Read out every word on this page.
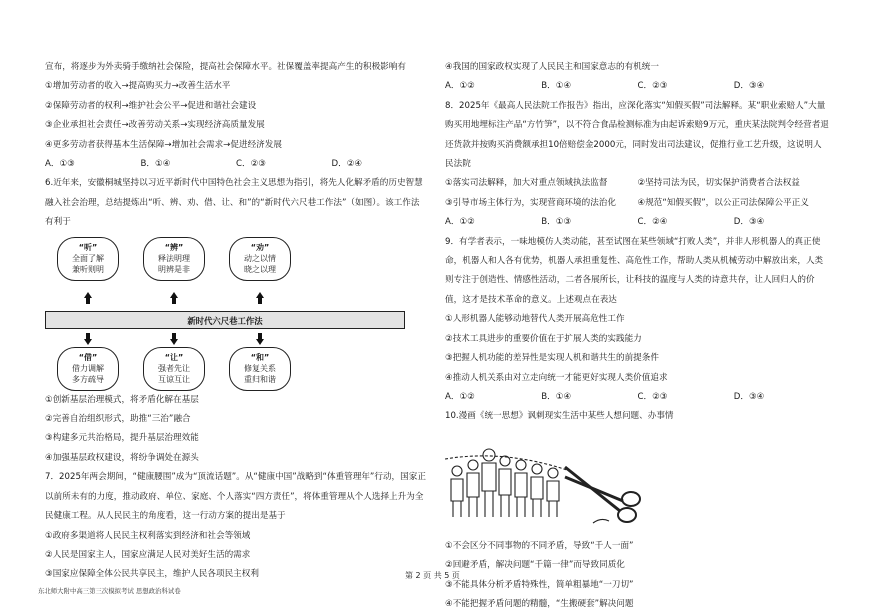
宣布，将逐步为外卖骑手缴纳社会保险，提高社会保障水平。社保覆盖率提高产生的积极影响有
①增加劳动者的收入→提高购买力→改善生活水平
②保障劳动者的权利→维护社会公平→促进和谐社会建设
③企业承担社会责任→改善劳动关系→实现经济高质量发展
④更多劳动者获得基本生活保障→增加社会需求→促进经济发展
A．①③	B．①④	C．②③	D．②④
6.近年来，安徽桐城坚持以习近平新时代中国特色社会主义思想为指引，将先人化解矛盾的历史智慧融入社会治理，总结提炼出“听、辨、劝、借、让、和”的“新时代六尺巷工作法”（如图）。该工作法有利于
“听”
全面了解
兼听则明
“辨”
释法明理
明辨是非
“劝”
动之以情
晓之以理
新时代六尺巷工作法
“借”
借力调解
多方疏导
“让”
强者先让
互谅互让
“和”
修复关系
重归和谐
①创新基层治理模式，将矛盾化解在基层
②完善自治组织形式，助推“三治”融合
③构建多元共治格局，提升基层治理效能
④加强基层政权建设，将纷争调处在源头
7．2025年两会期间，“健康腰围”成为“顶流话题”。从“健康中国”战略到“体重管理年”行动，国家正以前所未有的力度，推动政府、单位、家庭、个人落实“四方责任”，将体重管理从个人选择上升为全民健康工程。从人民民主的角度看，这一行动方案的提出是基于
①政府多渠道将人民民主权利落实到经济和社会等领域
②人民是国家主人，国家应满足人民对美好生活的需求
③国家应保障全体公民共享民主，维护人民各项民主权利
④我国的国家政权实现了人民民主和国家意志的有机统一
A．①②	B．①④	C．②③	D．③④
8．2025年《最高人民法院工作报告》指出，应深化落实“知假买假”司法解释。某“职业索赔人”大量购买用地埋标注产品“方竹笋”，以不符合食品检测标准为由起诉索赔9万元，重庆某法院判令经营者退还货款并按购买消费额承担10倍赔偿金2000元，同时发出司法建议，促推行业工艺升级，这说明人民法院
①落实司法解释，加大对重点领域执法监督	②坚持司法为民，切实保护消费者合法权益
③引导市场主体行为，实现营商环境的法治化	④规范“知假买假”，以公正司法保障公平正义
A．①②	B．①③	C．②④	D．③④
9．有学者表示，一味地模仿人类动能，甚至试图在某些领域“打败人类”，并非人形机器人的真正使命，机器人和人各有优势，机器人承担重复性、高危性工作，帮助人类从机械劳动中解放出来，人类则专注于创造性、情感性活动，二者各展所长，让科技的温度与人类的诗意共存，让人回归人的价值，这才是技术革命的意义。上述观点在表达
①人形机器人能够动地替代人类开展高危性工作
②技术工具进步的重要价值在于扩展人类的实践能力
③把握人机功能的差异性是实现人机和谐共生的前提条件
④推动人机关系由对立走向统一才能更好实现人类价值追求
A．①②	B．①④	C．②③	D．③④
10.漫画《统一思想》讽刺现实生活中某些人想问题、办事情
①不会区分不同事物的不同矛盾，导致“千人一面”
②回避矛盾，解决问题“千篇一律”而导致同质化
③不能具体分析矛盾特殊性，简单粗暴地“一刀切”
④不能把握矛盾问题的精髓，“生搬硬套”解决问题
第 2 页 共 5 页
东北师大附中高三第三次模拟考试 思想政治科试卷
